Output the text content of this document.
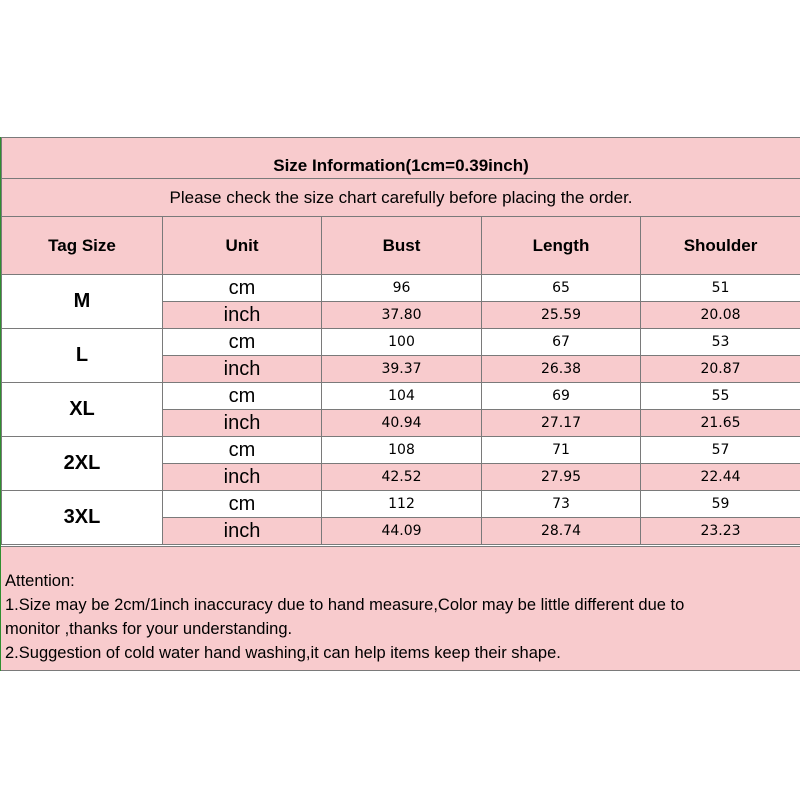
Size Information(1cm=0.39inch)				
Please check the size chart carefully before placing the order.				
Tag Size	Unit	Bust	Length	Shoulder
M	cm	96	65	51
	inch	37.80	25.59	20.08
L	cm	100	67	53
	inch	39.37	26.38	20.87
XL	cm	104	69	55
	inch	40.94	27.17	21.65
2XL	cm	108	71	57
	inch	42.52	27.95	22.44
3XL	cm	112	73	59
	inch	44.09	28.74	23.23
Attention:
1.Size may be 2cm/1inch inaccuracy due to hand measure,Color may be little different due to
monitor ,thanks for your understanding.
2.Suggestion of cold water hand washing,it can help items keep their shape.
